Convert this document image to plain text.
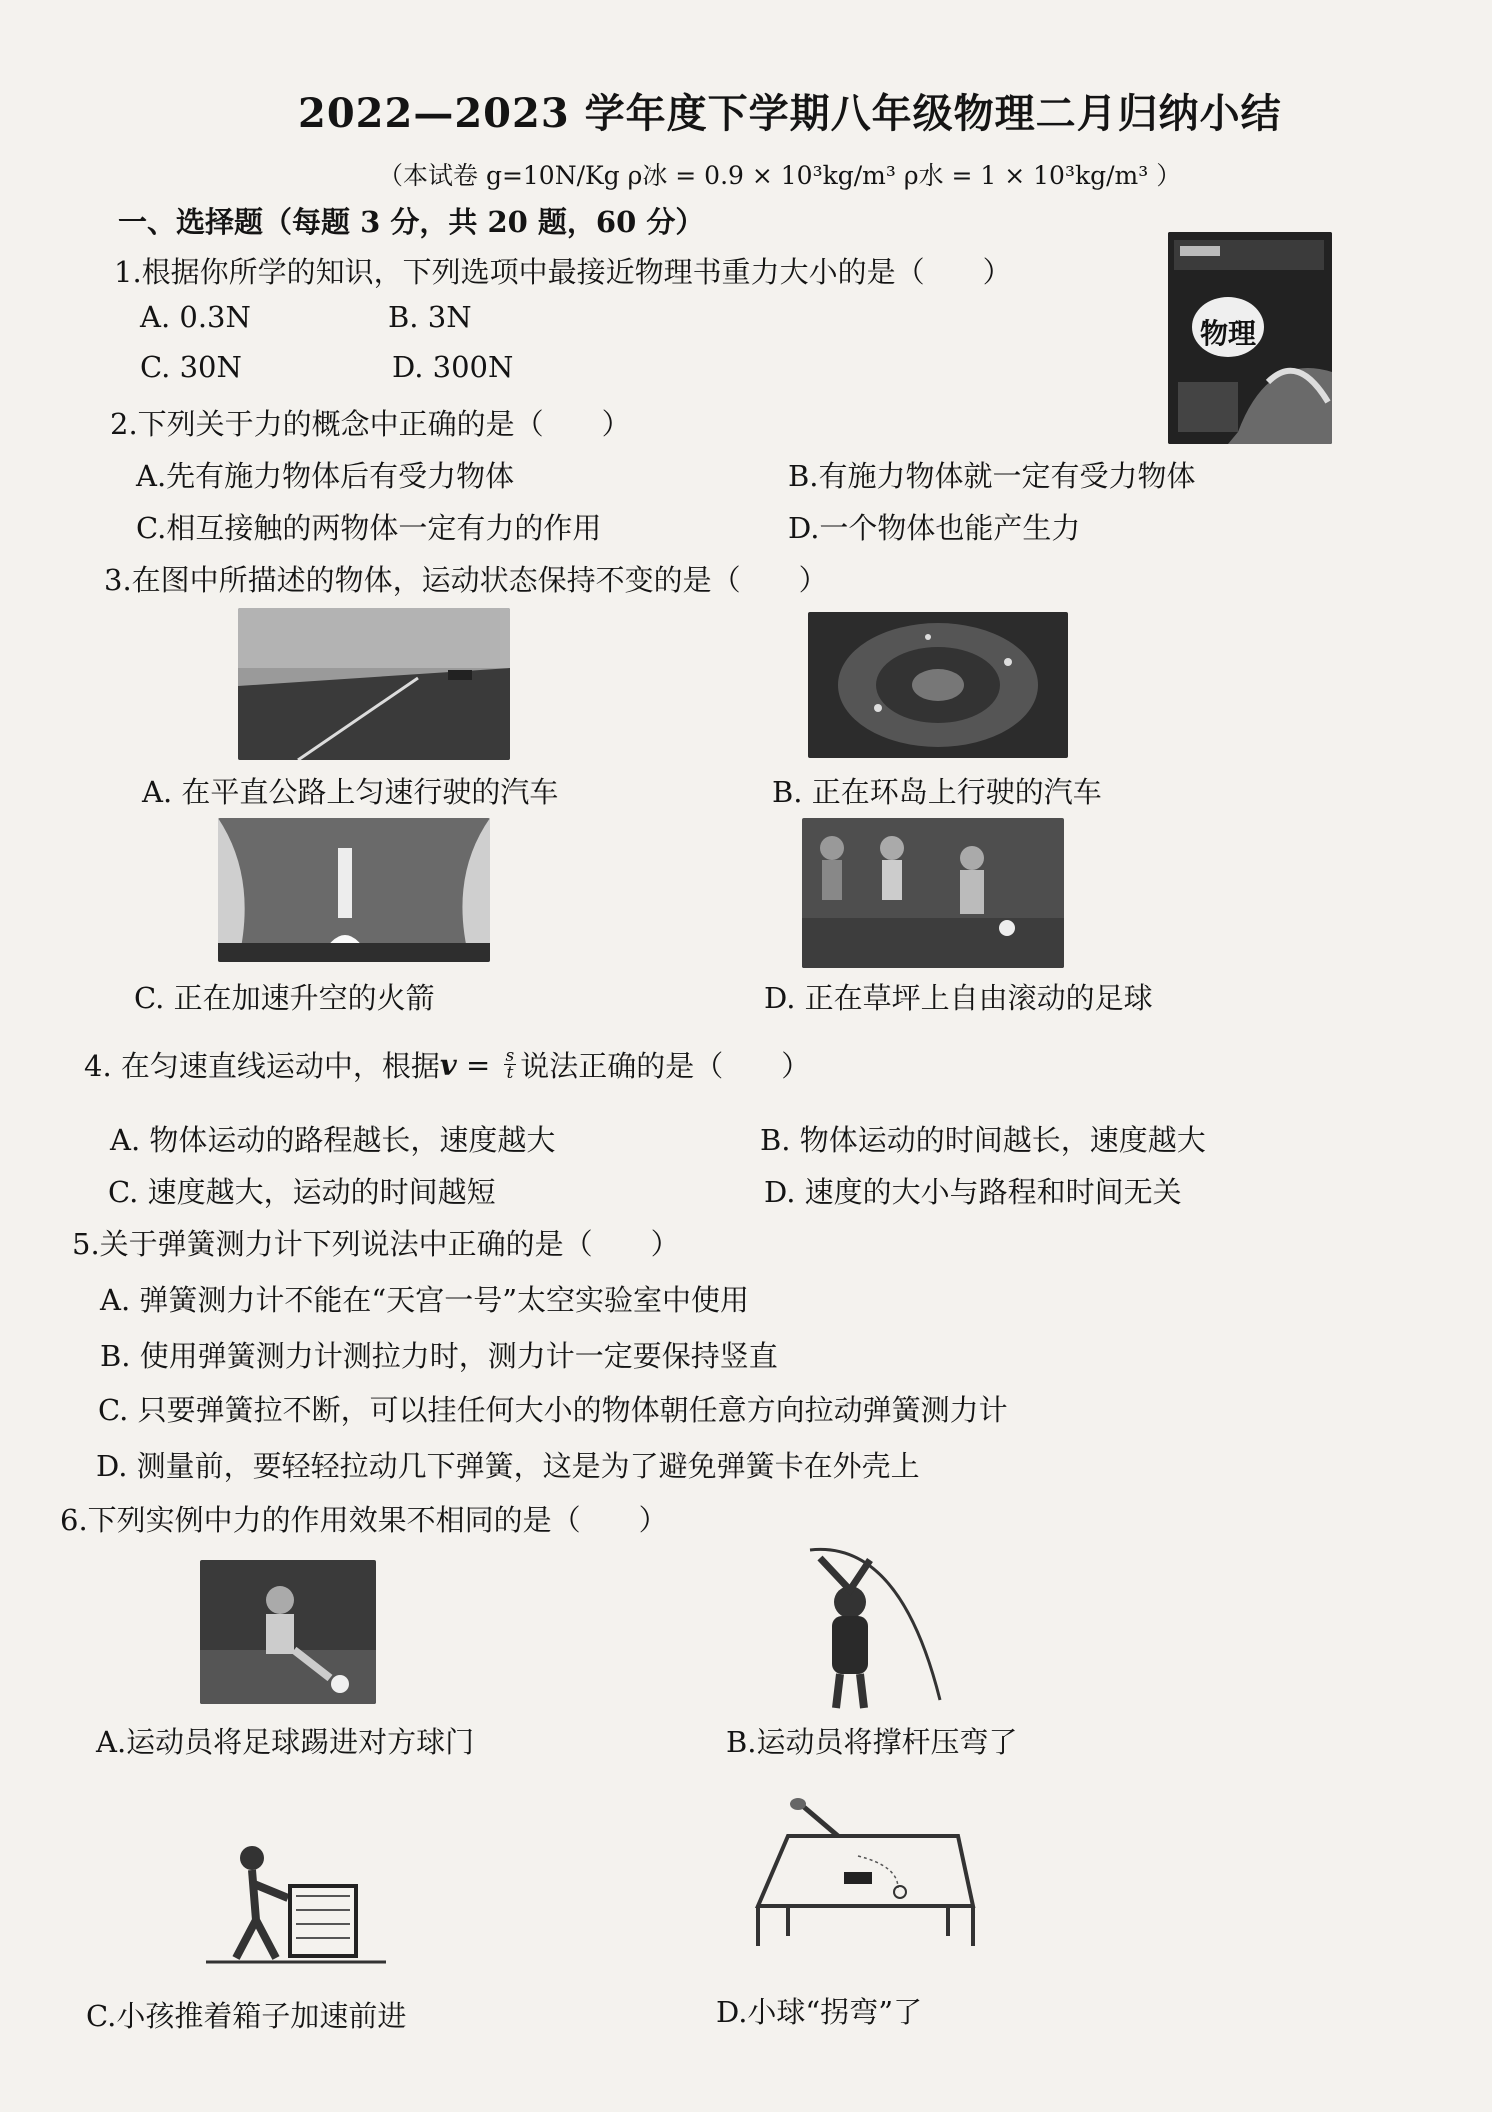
2022—2023 学年度下学期八年级物理二月归纳小结
（本试卷 g=10N/Kg ρ冰 = 0.9 × 10³kg/m³ ρ水 = 1 × 10³kg/m³ ）
一、选择题（每题 3 分，共 20 题，60 分）
1.根据你所学的知识，下列选项中最接近物理书重力大小的是（　　）
A. 0.3N	B. 3N
C. 30N	D. 300N
物理
2.下列关于力的概念中正确的是（　　）
A.先有施力物体后有受力物体	B.有施力物体就一定有受力物体
C.相互接触的两物体一定有力的作用	D.一个物体也能产生力
3.在图中所描述的物体，运动状态保持不变的是（　　）
A. 在平直公路上匀速行驶的汽车	B. 正在环岛上行驶的汽车
C. 正在加速升空的火箭	D. 正在草坪上自由滚动的足球
4. 在匀速直线运动中，根据 $v = \frac{s}{t}$ 说法正确的是（　　）
A. 物体运动的路程越长，速度越大	B. 物体运动的时间越长，速度越大
C. 速度越大，运动的时间越短	D. 速度的大小与路程和时间无关
5.关于弹簧测力计下列说法中正确的是（　　）
A. 弹簧测力计不能在“天宫一号”太空实验室中使用
B. 使用弹簧测力计测拉力时，测力计一定要保持竖直
C. 只要弹簧拉不断，可以挂任何大小的物体朝任意方向拉动弹簧测力计
D. 测量前，要轻轻拉动几下弹簧，这是为了避免弹簧卡在外壳上
6.下列实例中力的作用效果不相同的是（　　）
A.运动员将足球踢进对方球门	B.运动员将撑杆压弯了
C.小孩推着箱子加速前进	D.小球“拐弯”了
